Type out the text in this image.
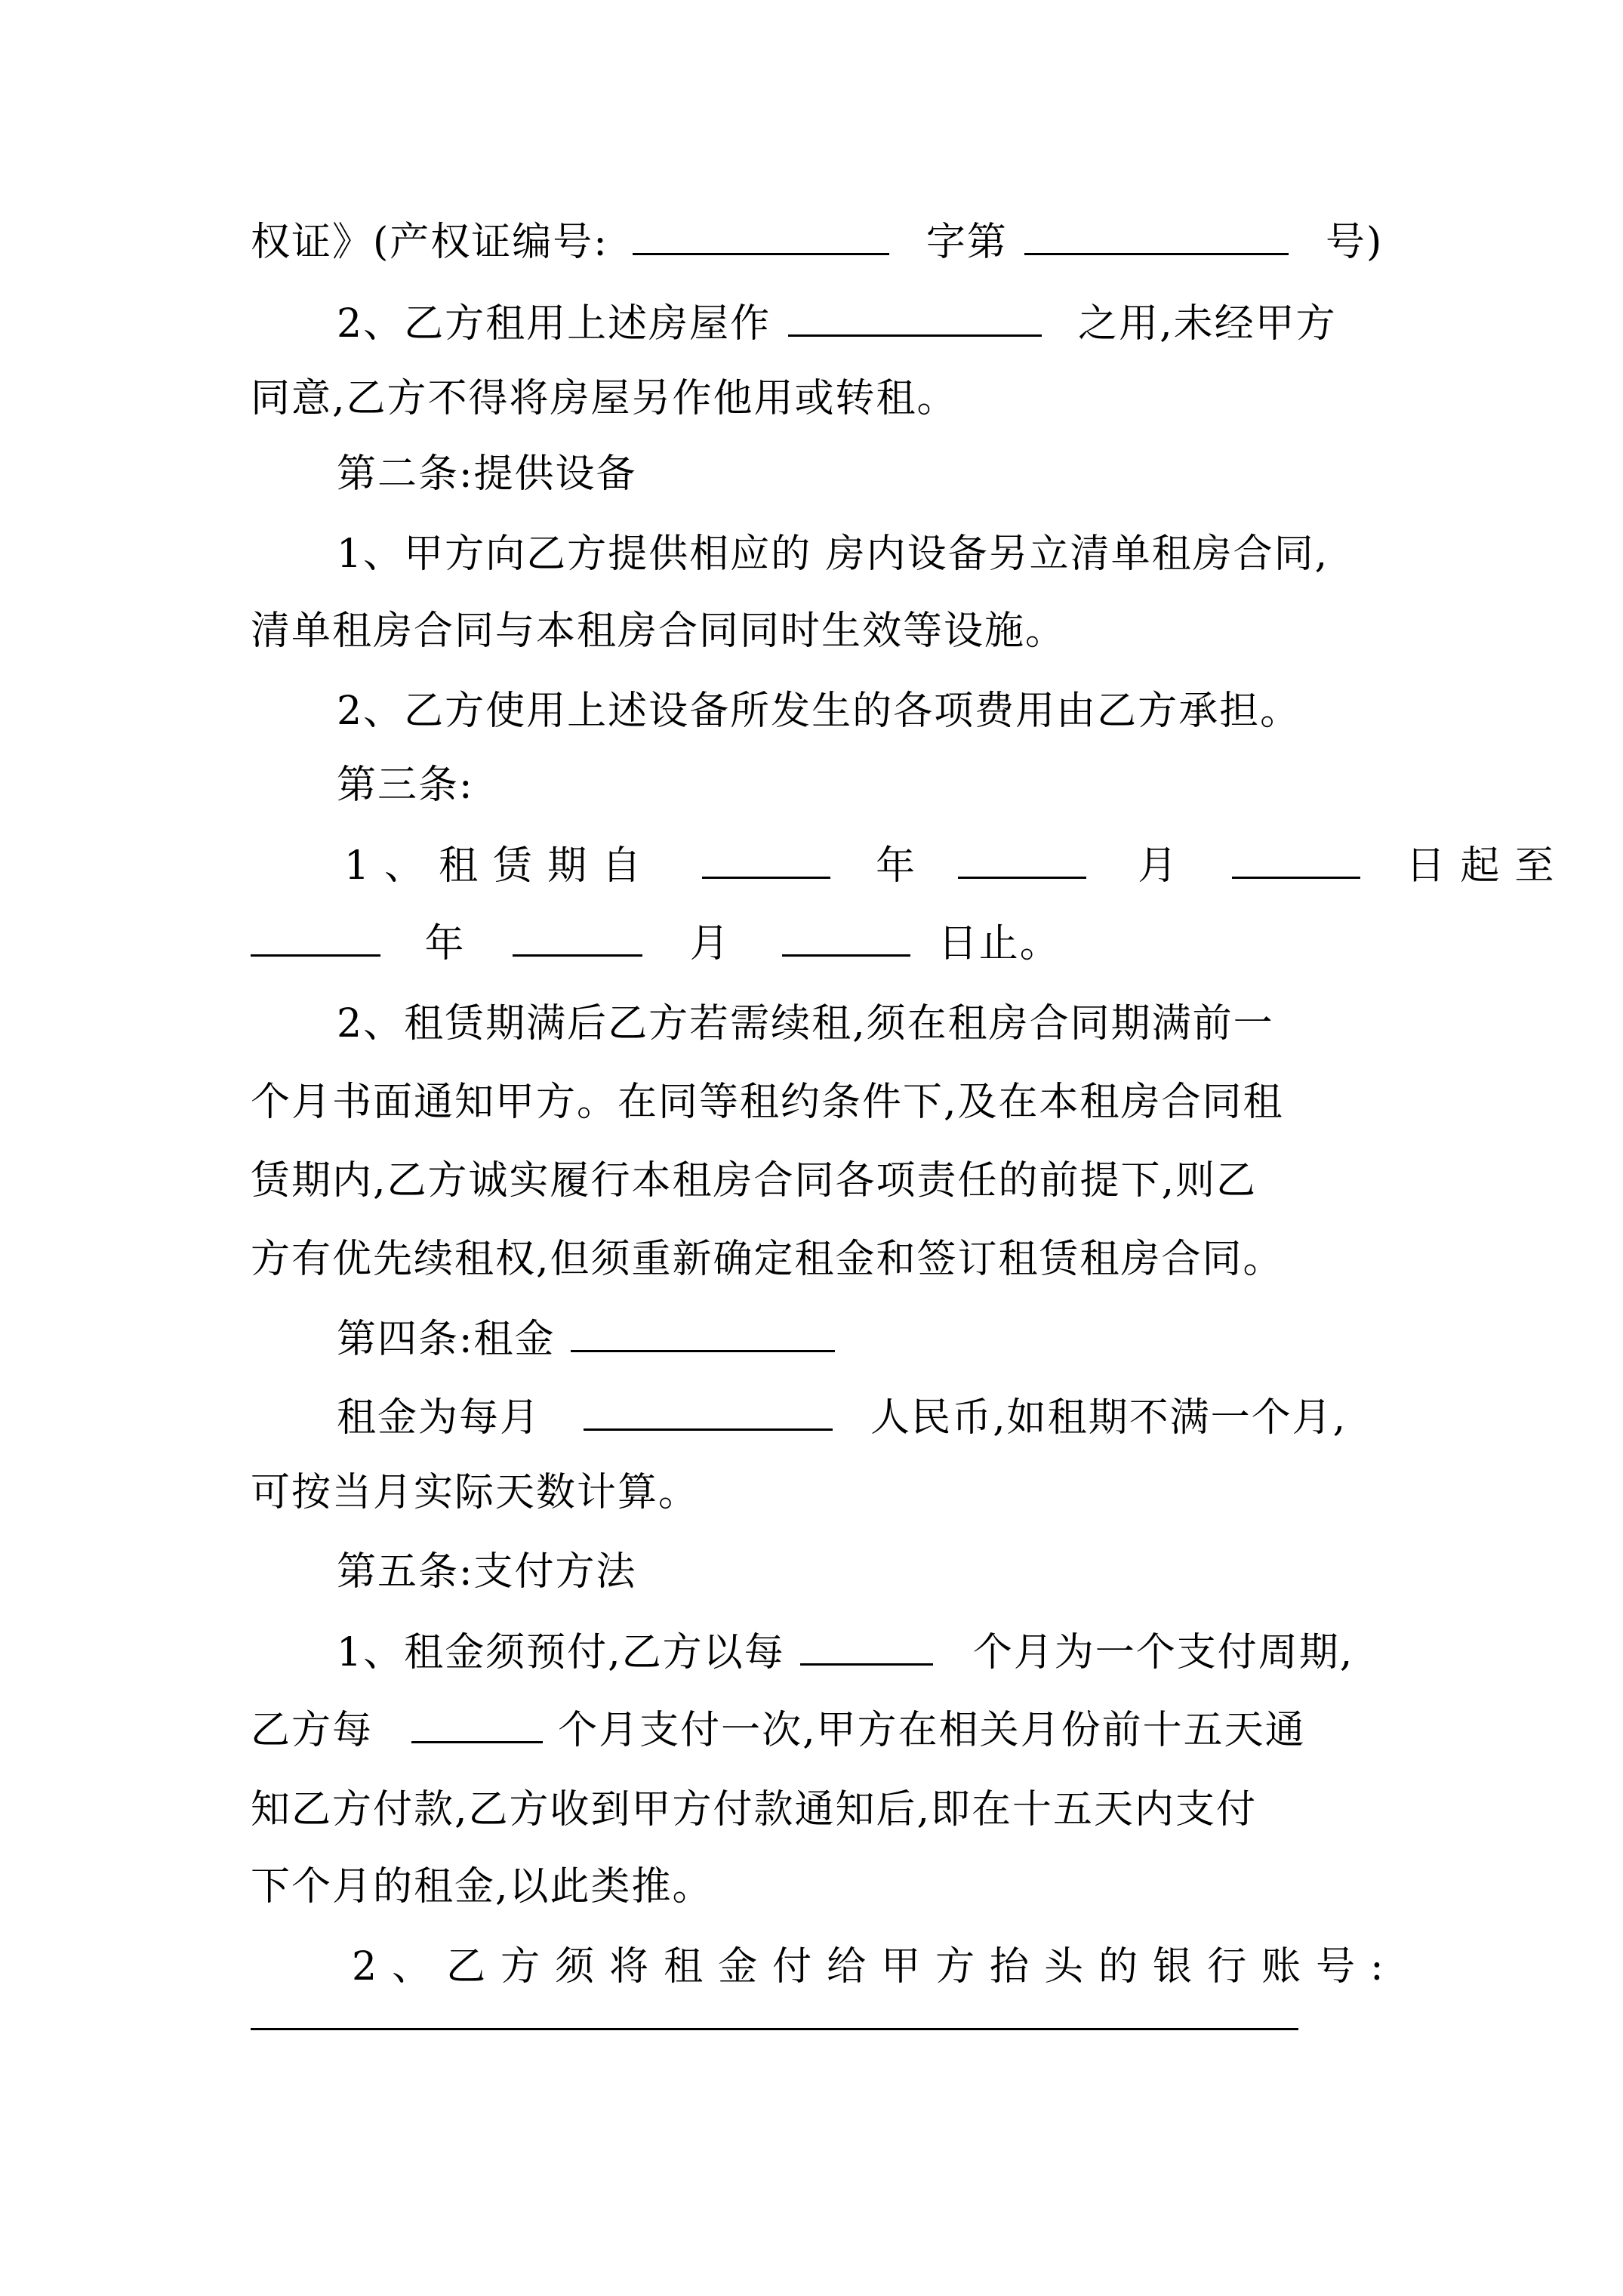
权证》(产权证编号:	字第	号)
2、乙方租用上述房屋作	之用,未经甲方
同意,乙方不得将房屋另作他用或转租。
第二条:提供设备
1、甲方向乙方提供相应的 房内设备另立清单租房合同,
清单租房合同与本租房合同同时生效等设施。
2、乙方使用上述设备所发生的各项费用由乙方承担。
第三条:
1、租赁期自	年	月	日起至
年	月	日止。
2、租赁期满后乙方若需续租,须在租房合同期满前一
个月书面通知甲方。在同等租约条件下,及在本租房合同租
赁期内,乙方诚实履行本租房合同各项责任的前提下,则乙
方有优先续租权,但须重新确定租金和签订租赁租房合同。
第四条:租金
租金为每月	人民币,如租期不满一个月,
可按当月实际天数计算。
第五条:支付方法
1、租金须预付,乙方以每	个月为一个支付周期,
乙方每	个月支付一次,甲方在相关月份前十五天通
知乙方付款,乙方收到甲方付款通知后,即在十五天内支付
下个月的租金,以此类推。
2、乙方须将租金付给甲方抬头的银行账号:
